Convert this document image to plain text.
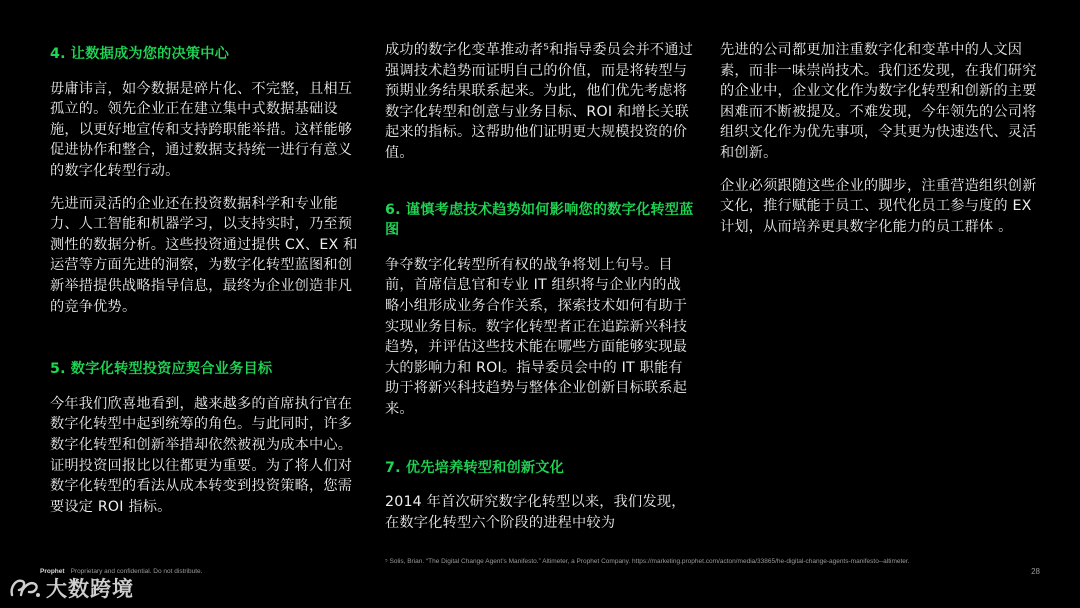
4. 让数据成为您的决策中心

毋庸讳言，如今数据是碎片化、不完整，且相互孤立的。领先企业正在建立集中式数据基础设施，以更好地宣传和支持跨职能举措。这样能够促进协作和整合，通过数据支持统一进行有意义的数字化转型行动。

先进而灵活的企业还在投资数据科学和专业能力、人工智能和机器学习，以支持实时，乃至预测性的数据分析。这些投资通过提供 CX、EX 和运营等方面先进的洞察，为数字化转型蓝图和创新举措提供战略指导信息，最终为企业创造非凡的竞争优势。

5. 数字化转型投资应契合业务目标

今年我们欣喜地看到，越来越多的首席执行官在数字化转型中起到统筹的角色。与此同时，许多数字化转型和创新举措却依然被视为成本中心。证明投资回报比以往都更为重要。为了将人们对数字化转型的看法从成本转变到投资策略，您需要设定 ROI 指标。

成功的数字化变革推动者⁵和指导委员会并不通过强调技术趋势而证明自己的价值，而是将转型与预期业务结果联系起来。为此，他们优先考虑将数字化转型和创意与业务目标、ROI 和增长关联起来的指标。这帮助他们证明更大规模投资的价值。

6. 谨慎考虑技术趋势如何影响您的数字化转型蓝图

争夺数字化转型所有权的战争将划上句号。目前，首席信息官和专业 IT 组织将与企业内的战略小组形成业务合作关系，探索技术如何有助于实现业务目标。数字化转型者正在追踪新兴科技趋势，并评估这些技术能在哪些方面能够实现最大的影响力和 ROI。指导委员会中的 IT 职能有助于将新兴科技趋势与整体企业创新目标联系起来。

7. 优先培养转型和创新文化

2014 年首次研究数字化转型以来，我们发现，在数字化转型六个阶段的进程中较为

先进的公司都更加注重数字化和变革中的人文因素，而非一味崇尚技术。我们还发现，在我们研究的企业中，企业文化作为数字化转型和创新的主要困难而不断被提及。不难发现，今年领先的公司将组织文化作为优先事项，令其更为快速迭代、灵活和创新。

企业必须跟随这些企业的脚步，注重营造组织创新文化，推行赋能于员工、现代化员工参与度的 EX 计划，从而培养更具数字化能力的员工群体 。

Prophet Proprietary and confidential. Do not distribute.
⁵ Solis, Brian. “The Digital Change Agent’s Manifesto.” Altimeter, a Prophet Company. https://marketing.prophet.com/acton/media/33865/he-digital-change-agents-manifesto--altimeter.
28
大数跨境
